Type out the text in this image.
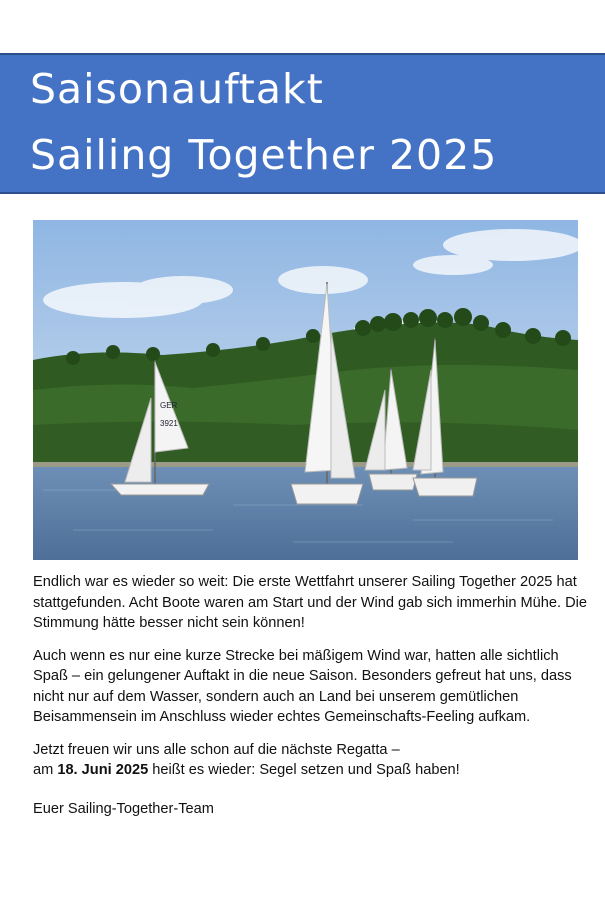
Saisonauftakt
Sailing Together 2025
GER
3921

Endlich war es wieder so weit: Die erste Wettfahrt unserer Sailing Together 2025 hat stattgefunden. Acht Boote waren am Start und der Wind gab sich immerhin Mühe. Die Stimmung hätte besser nicht sein können!

Auch wenn es nur eine kurze Strecke bei mäßigem Wind war, hatten alle sichtlich Spaß – ein gelungener Auftakt in die neue Saison. Besonders gefreut hat uns, dass nicht nur auf dem Wasser, sondern auch an Land bei unserem gemütlichen Beisammensein im Anschluss wieder echtes Gemeinschafts-Feeling aufkam.

Jetzt freuen wir uns alle schon auf die nächste Regatta –
am 18. Juni 2025 heißt es wieder: Segel setzen und Spaß haben!

Euer Sailing-Together-Team
